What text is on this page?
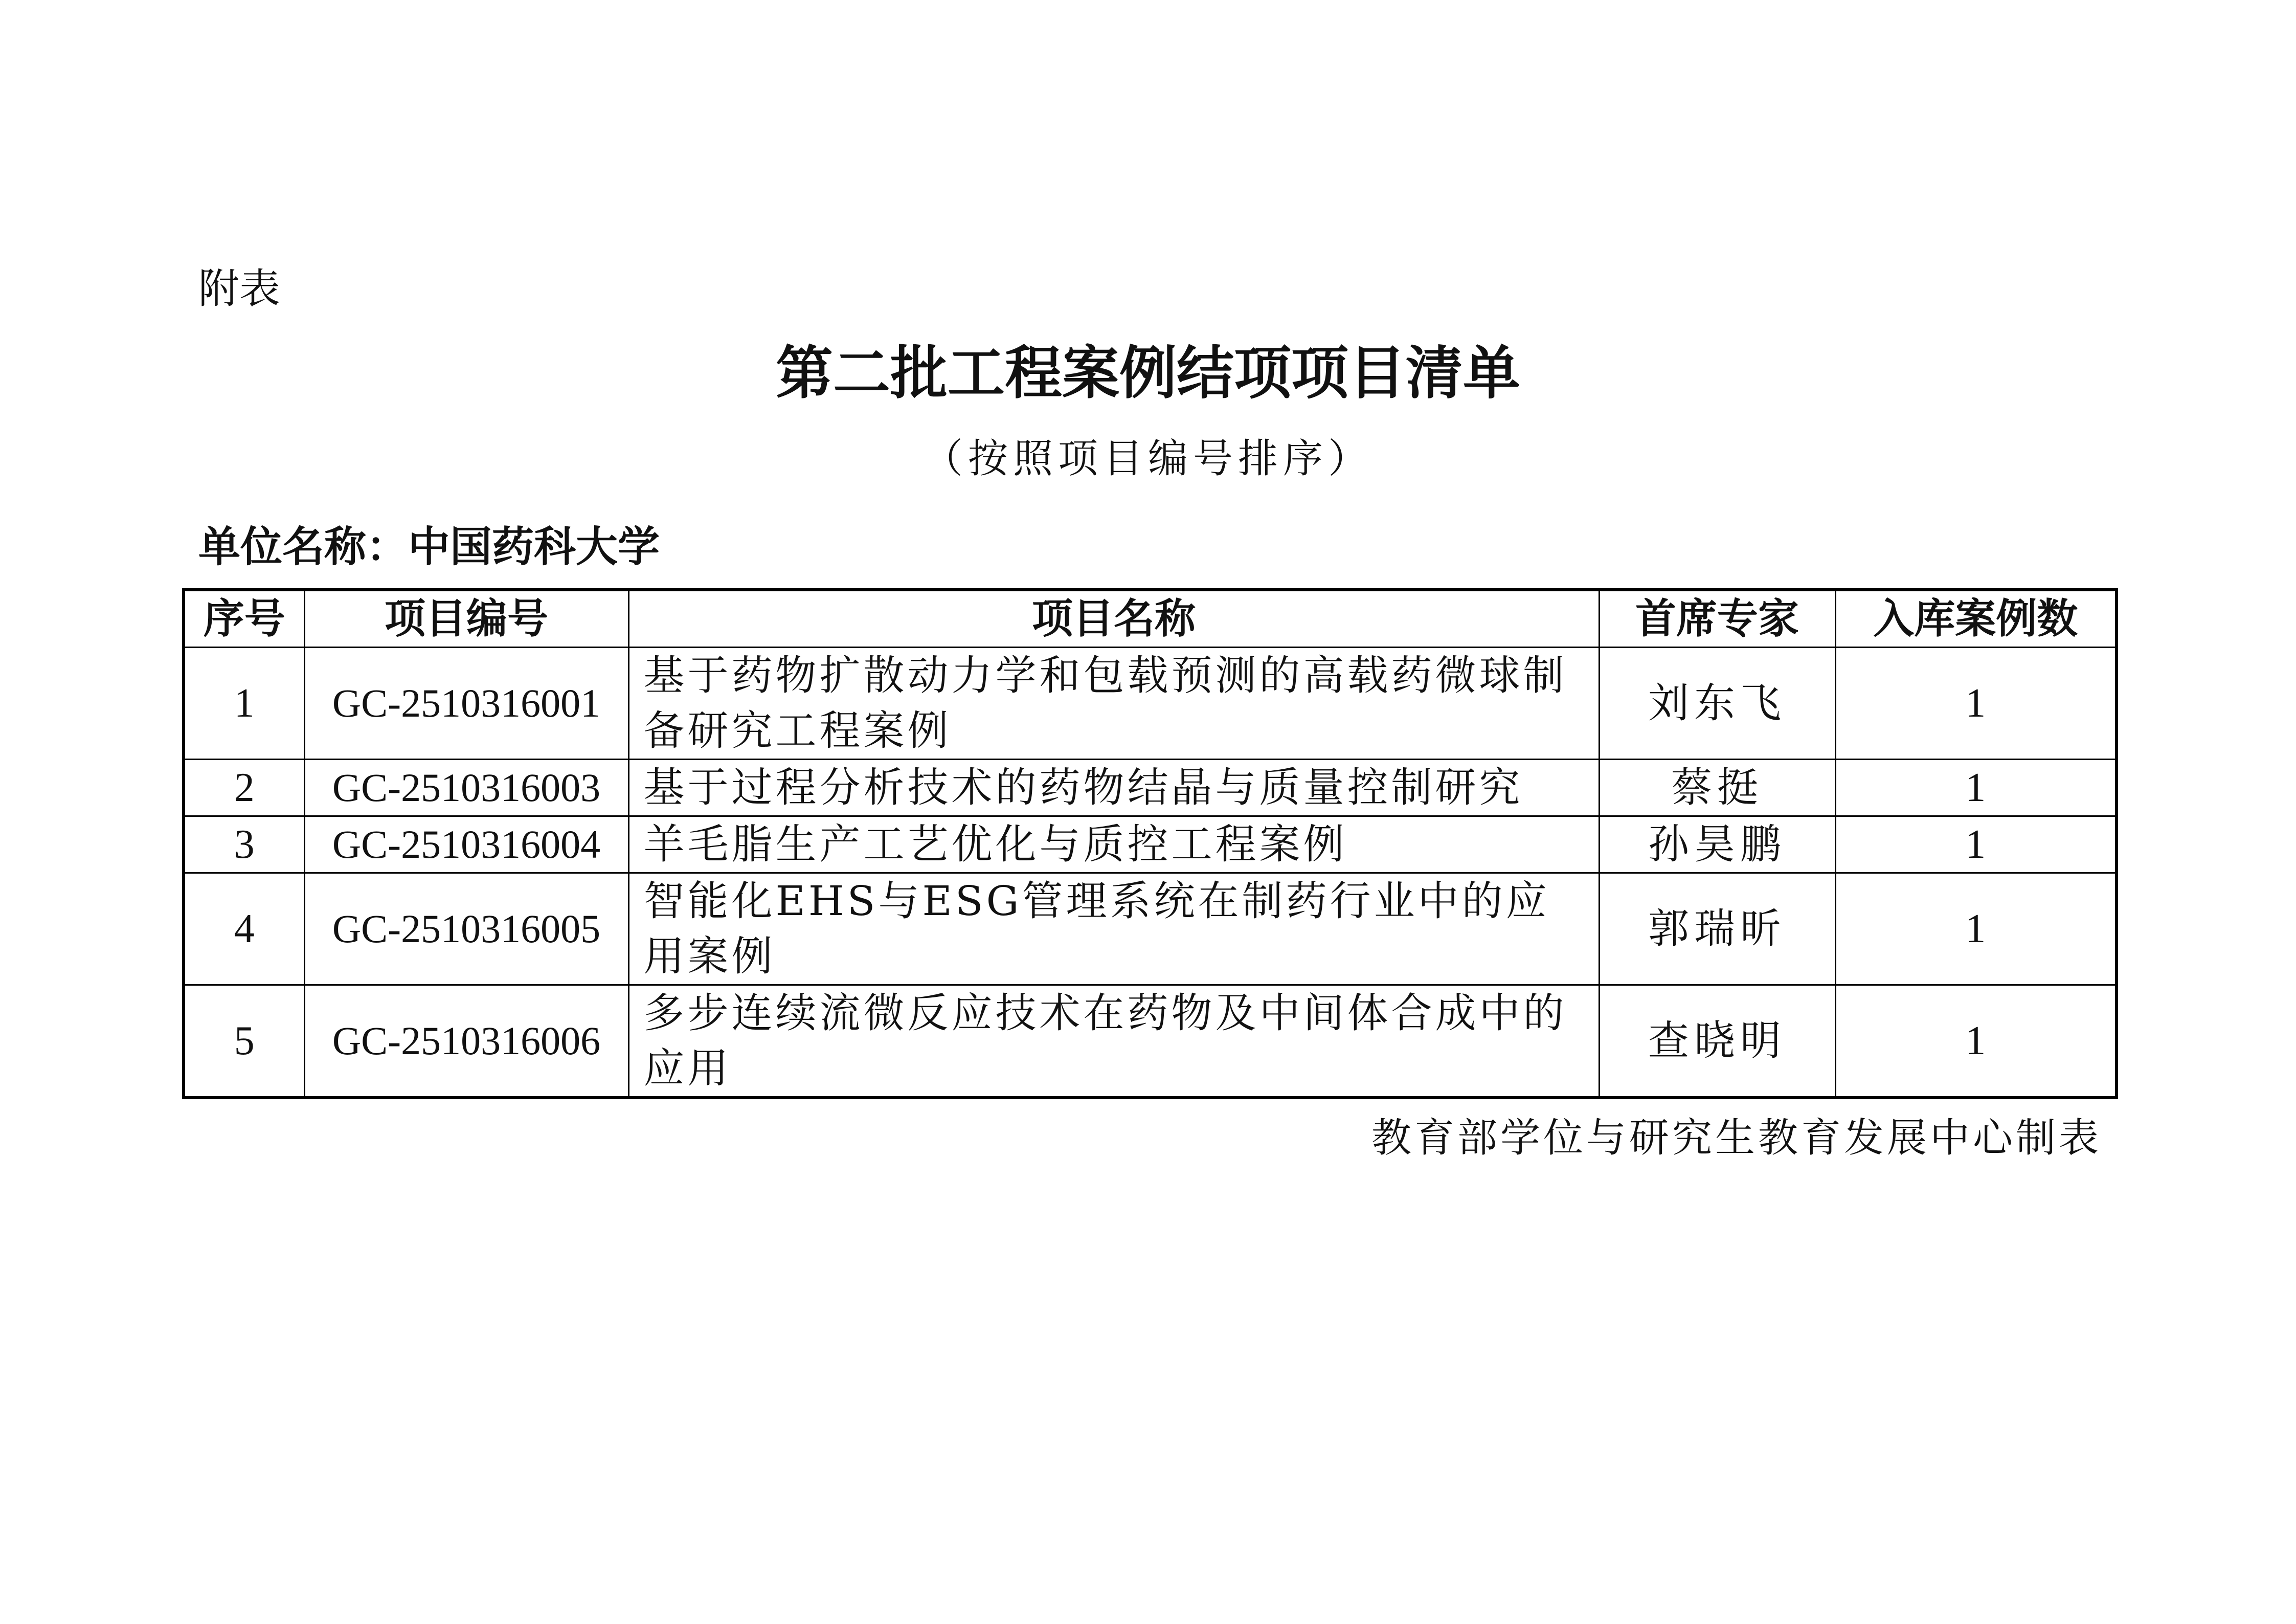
附表
第二批工程案例结项项目清单
（按照项目编号排序）
单位名称：中国药科大学
序号	项目编号	项目名称	首席专家	入库案例数
1	GC-2510316001	基于药物扩散动力学和包载预测的高载药微球制备研究工程案例	刘东飞	1
2	GC-2510316003	基于过程分析技术的药物结晶与质量控制研究	蔡挺	1
3	GC-2510316004	羊毛脂生产工艺优化与质控工程案例	孙昊鹏	1
4	GC-2510316005	智能化EHS与ESG管理系统在制药行业中的应用案例	郭瑞昕	1
5	GC-2510316006	多步连续流微反应技术在药物及中间体合成中的应用	查晓明	1
教育部学位与研究生教育发展中心制表
